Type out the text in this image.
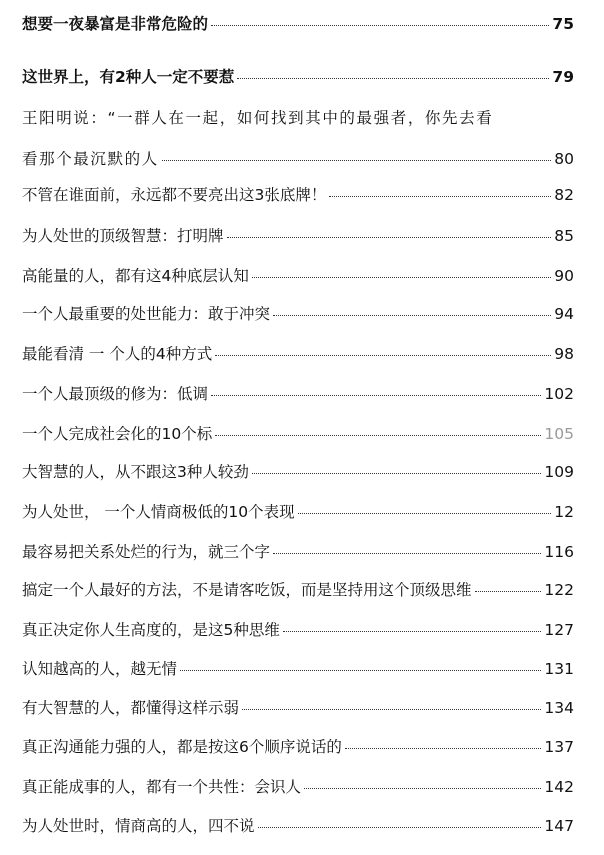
想要一夜暴富是非常危险的	75
这世界上，有2种人一定不要惹	79
王阳明说：“一群人在一起，如何找到其中的最强者，你先去看
看那个最沉默的人	80
不管在谁面前，永远都不要亮出这3张底牌！	82
为人处世的顶级智慧：打明牌	85
高能量的人，都有这4种底层认知	90
一个人最重要的处世能力：敢于冲突	94
最能看清 一 个人的4种方式	98
一个人最顶级的修为：低调	102
一个人完成社会化的10个标	105
大智慧的人，从不跟这3种人较劲	109
为人处世， 一个人情商极低的10个表现	12
最容易把关系处烂的行为，就三个字	116
搞定一个人最好的方法，不是请客吃饭，而是坚持用这个顶级思维	122
真正决定你人生高度的，是这5种思维	127
认知越高的人，越无情	131
有大智慧的人，都懂得这样示弱	134
真正沟通能力强的人，都是按这6个顺序说话的	137
真正能成事的人，都有一个共性：会识人	142
为人处世时，情商高的人，四不说	147
